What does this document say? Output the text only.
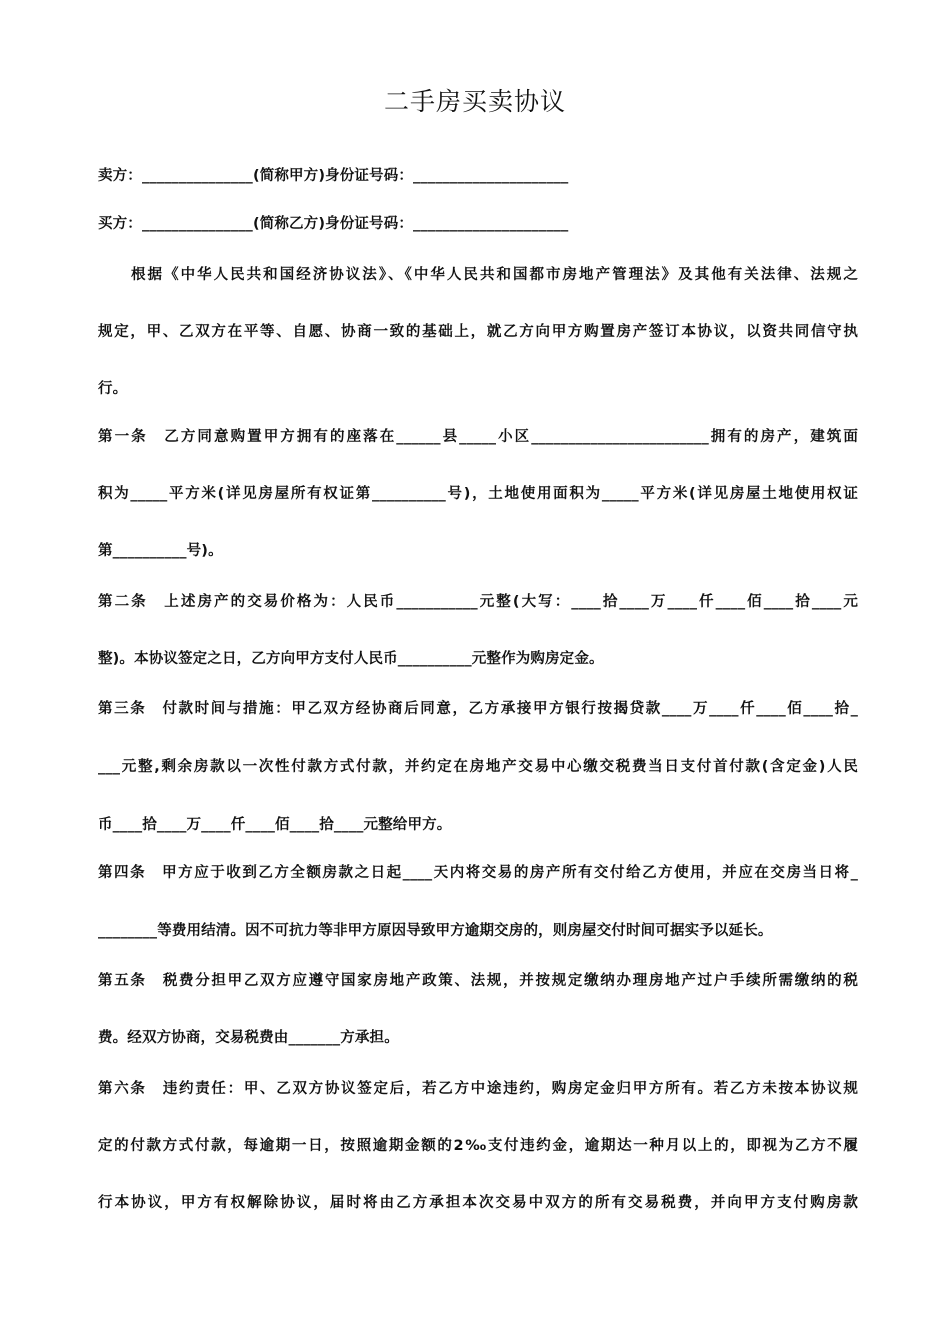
二手房买卖协议
卖方：_______________(简称甲方)身份证号码：_____________________
买方：_______________(简称乙方)身份证号码：_____________________
　　根据《中华人民共和国经济协议法》、《中华人民共和国都市房地产管理法》及其他有关法律、法规之
规定，甲、乙双方在平等、自愿、协商一致的基础上，就乙方向甲方购置房产签订本协议，以资共同信守执
行。
第一条　乙方同意购置甲方拥有的座落在______县_____小区________________________拥有的房产，建筑面
积为_____平方米(详见房屋所有权证第__________号)，土地使用面积为_____平方米(详见房屋土地使用权证
第__________号)。
第二条　上述房产的交易价格为：人民币___________元整(大写：____拾____万____仟____佰____拾____元
整)。本协议签定之日，乙方向甲方支付人民币__________元整作为购房定金。
第三条　付款时间与措施：甲乙双方经协商后同意，乙方承接甲方银行按揭贷款____万____仟____佰____拾_
___元整,剩余房款以一次性付款方式付款，并约定在房地产交易中心缴交税费当日支付首付款(含定金)人民
币____拾____万____仟____佰____拾____元整给甲方。
第四条　甲方应于收到乙方全额房款之日起____天内将交易的房产所有交付给乙方使用，并应在交房当日将_
________等费用结清。因不可抗力等非甲方原因导致甲方逾期交房的，则房屋交付时间可据实予以延长。
第五条　税费分担甲乙双方应遵守国家房地产政策、法规，并按规定缴纳办理房地产过户手续所需缴纳的税
费。经双方协商，交易税费由_______方承担。
第六条　违约责任：甲、乙双方协议签定后，若乙方中途违约，购房定金归甲方所有。若乙方未按本协议规
定的付款方式付款，每逾期一日，按照逾期金额的2‰支付违约金，逾期达一种月以上的，即视为乙方不履
行本协议，甲方有权解除协议，届时将由乙方承担本次交易中双方的所有交易税费，并向甲方支付购房款
